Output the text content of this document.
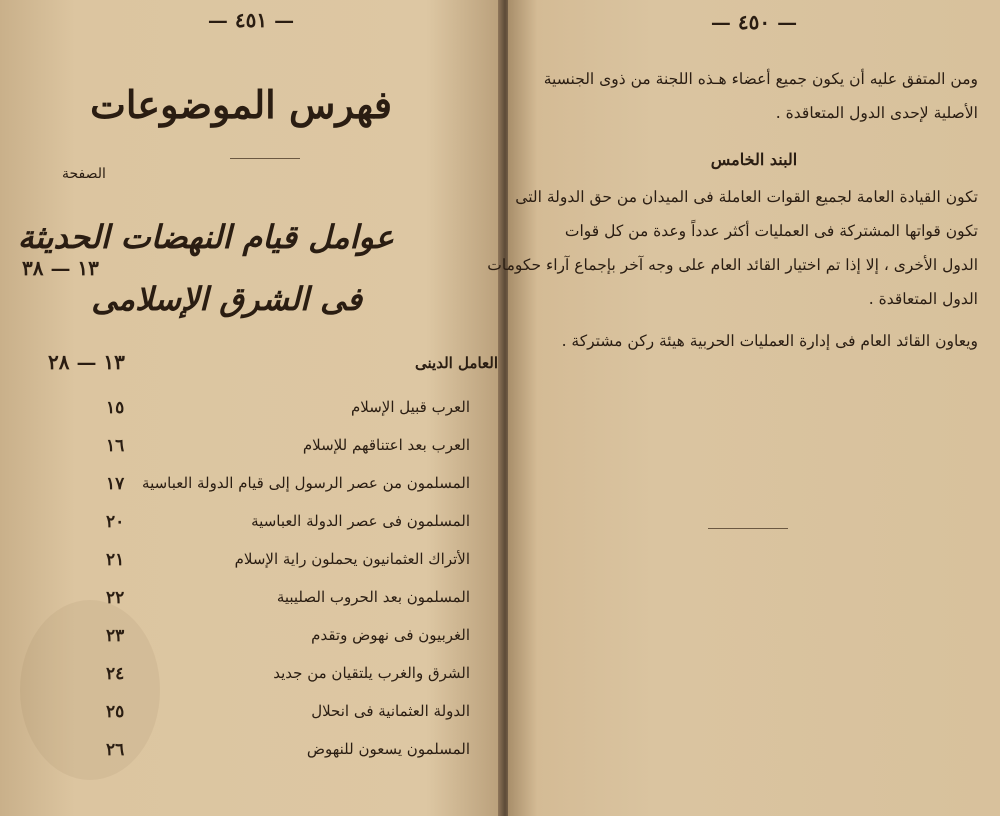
— ٤٥١ —
فهرس الموضوعات
الصفحة
عوامل قيام النهضات الحديثة
فى الشرق الإسلامى
١٣ — ٣٨
العامل الدينى
١٣ — ٢٨
العرب قبيل الإسلام
١٥
العرب بعد اعتناقهم للإسلام
١٦
المسلمون من عصر الرسول إلى قيام الدولة العباسية
١٧
المسلمون فى عصر الدولة العباسية
٢٠
الأتراك العثمانيون يحملون راية الإسلام
٢١
المسلمون بعد الحروب الصليبية
٢٢
الغربيون فى نهوض وتقدم
٢٣
الشرق والغرب يلتقيان من جديد
٢٤
الدولة العثمانية فى انحلال
٢٥
المسلمون يسعون للنهوض
٢٦
— ٤٥٠ —
ومن المتفق عليه أن يكون جميع أعضاء هـذه اللجنة من ذوى الجنسية
الأصلية لإحدى الدول المتعاقدة .
البند الخامس
تكون القيادة العامة لجميع القوات العاملة فى الميدان من حق الدولة التى
تكون قواتها المشتركة فى العمليات أكثر عدداً وعدة من كل قوات
الدول الأخرى ، إلا إذا تم اختيار القائد العام على وجه آخر بإجماع آراء حكومات
الدول المتعاقدة .
ويعاون القائد العام فى إدارة العمليات الحربية هيئة ركن مشتركة .
